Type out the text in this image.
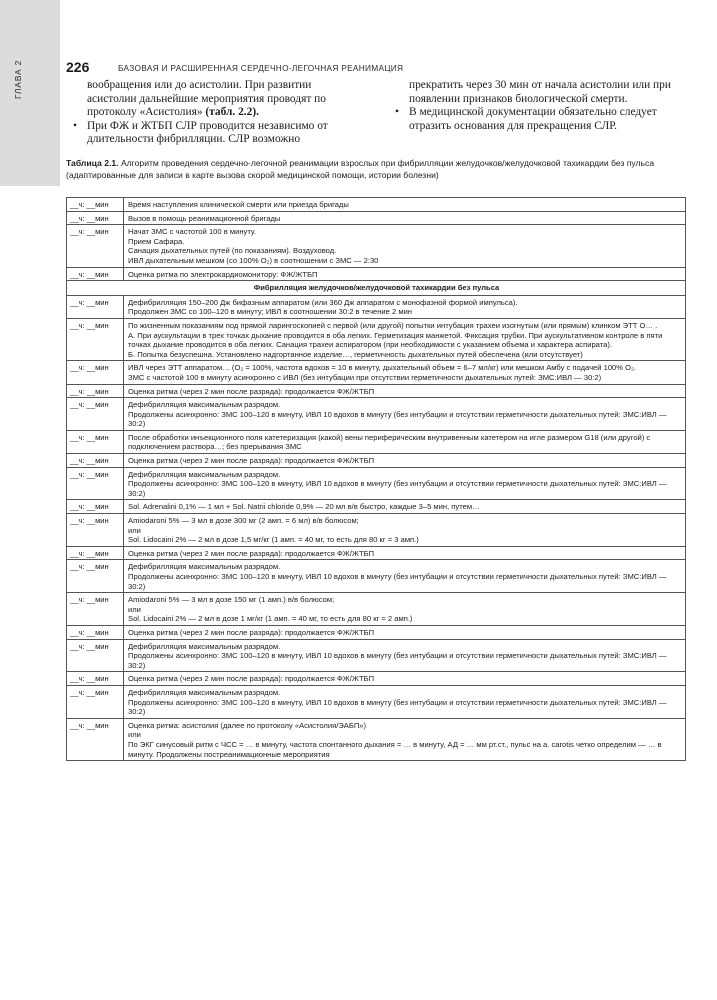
ГЛАВА 2	226	БАЗОВАЯ И РАСШИРЕННАЯ СЕРДЕЧНО-ЛЕГОЧНАЯ РЕАНИМАЦИЯ

вообращения или до асистолии. При развитии асистолии дальнейшие мероприятия проводят по протоколу «Асистолия» (табл. 2.2).

• При ФЖ и ЖТБП СЛР проводится независимо от длительности фибрилляции. СЛР возможно

прекратить через 30 мин от начала асистолии или при появлении признаков биологической смерти.

• В медицинской документации обязательно следует отразить основания для прекращения СЛР.

Таблица 2.1. Алгоритм проведения сердечно-легочной реанимации взрослых при фибрилляции желудочков/желудочковой тахикардии без пульса (адаптированные для записи в карте вызова скорой медицинской помощи, истории болезни)
__ч: __мин	Время наступления клинической смерти или приезда бригады

__ч: __мин	Вызов в помощь реанимационной бригады

__ч: __мин	Начат ЗМС с частотой 100 в минуту.
Прием Сафара.
Санация дыхательных путей (по показаниям). Воздуховод.
ИВЛ дыхательным мешком (со 100% O₂) в соотношении с ЗМС — 2:30

__ч: __мин	Оценка ритма по электрокардиомонитору: ФЖ/ЖТБП

Фибрилляция желудочков/желудочковой тахикардии без пульса	
__ч: __мин	Дефибрилляция 150–200 Дж бифазным аппаратом (или 360 Дж аппаратом с монофазной формой импульса).
Продолжен ЗМС со 100–120 в минуту; ИВЛ в соотношении 30:2 в течение 2 мин

__ч: __мин	По жизненным показаниям под прямой ларингоскопией с первой (или другой) попытки интубация трахеи изогнутым (или прямым) клинком ЭТТ О… .
А. При аускультации в трех точках дыхание проводится в оба легких. Герметизация манжетой. Фиксация трубки. При аускультативном контроле в пяти точках дыхание проводится в оба легких. Санация трахеи аспиратором (при необходимости с указанием объема и характера аспирата).
Б. Попытка безуспешна. Установлено надгортанное изделие…, герметичность дыхательных путей обеспечена (или отсутствует)

__ч: __мин	ИВЛ через ЭТТ аппаратом… (O₂ = 100%, частота вдохов = 10 в минуту, дыхательный объем = 6–7 мл/кг) или мешком Амбу с подачей 100% O₂.
ЗМС с частотой 100 в минуту асинхронно с ИВЛ (без интубации при отсутствии герметичности дыхательных путей: ЗМС:ИВЛ — 30:2)

__ч: __мин	Оценка ритма (через 2 мин после разряда): продолжается ФЖ/ЖТБП

__ч: __мин	Дефибрилляция максимальным разрядом.
Продолжены асинхронно: ЗМС 100–120 в минуту, ИВЛ 10 вдохов в минуту (без интубации и отсутствии герметичности дыхательных путей: ЗМС:ИВЛ — 30:2)

__ч: __мин	После обработки инъекционного поля катетеризация (какой) вены периферическим внутривенным катетером на игле размером G18 (или другой) с подключением раствора…; без прерывания ЗМС

__ч: __мин	Оценка ритма (через 2 мин после разряда): продолжается ФЖ/ЖТБП

__ч: __мин	Дефибрилляция максимальным разрядом.
Продолжены асинхронно: ЗМС 100–120 в минуту, ИВЛ 10 вдохов в минуту (без интубации и отсутствии герметичности дыхательных путей: ЗМС:ИВЛ — 30:2)

__ч: __мин	Sol. Adrenalini 0,1% — 1 мл + Sol. Natrii chloride 0,9% — 20 мл в/в быстро, каждые 3–5 мин, путем…

__ч: __мин	Amiodaroni 5% — 3 мл в дозе 300 мг (2 амп. = 6 мл) в/в болюсом;
или
Sol. Lidocaini 2% — 2 мл в дозе 1,5 мг/кг (1 амп. = 40 мг, то есть для 80 кг = 3 амп.)

__ч: __мин	Оценка ритма (через 2 мин после разряда): продолжается ФЖ/ЖТБП

__ч: __мин	Дефибрилляция максимальным разрядом.
Продолжены асинхронно: ЗМС 100–120 в минуту, ИВЛ 10 вдохов в минуту (без интубации и отсутствии герметичности дыхательных путей: ЗМС:ИВЛ — 30:2)

__ч: __мин	Amiodaroni 5% — 3 мл в дозе 150 мг (1 амп.) в/в болюсом;
или
Sol. Lidocaini 2% — 2 мл в дозе 1 мг/кг (1 амп. = 40 мг, то есть для 80 кг = 2 амп.)

__ч: __мин	Оценка ритма (через 2 мин после разряда): продолжается ФЖ/ЖТБП

__ч: __мин	Дефибрилляция максимальным разрядом.
Продолжены асинхронно: ЗМС 100–120 в минуту, ИВЛ 10 вдохов в минуту (без интубации и отсутствии герметичности дыхательных путей: ЗМС:ИВЛ — 30:2)

__ч: __мин	Оценка ритма (через 2 мин после разряда): продолжается ФЖ/ЖТБП

__ч: __мин	Дефибрилляция максимальным разрядом.
Продолжены асинхронно: ЗМС 100–120 в минуту, ИВЛ 10 вдохов в минуту (без интубации и отсутствии герметичности дыхательных путей: ЗМС:ИВЛ — 30:2)

__ч: __мин	Оценка ритма: асистолия (далее по протоколу «Асистолия/ЭАБП»)
или
По ЭКГ синусовый ритм с ЧСС = … в минуту, частота спонтанного дыхания = … в минуту, АД = … мм рт.ст., пульс на a. carotis четко определим — … в минуту. Продолжены постреанимационные мероприятия
